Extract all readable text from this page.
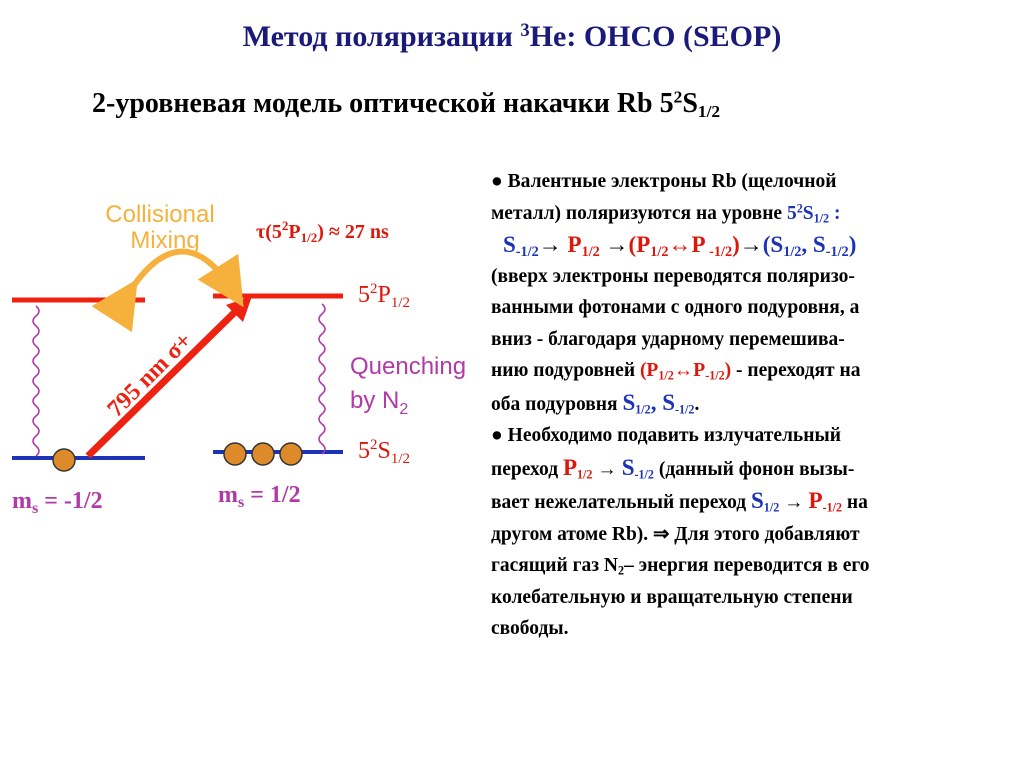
Метод поляризации $^3$He: ОНСО (SEOP)
2-уровневая модель оптической накачки Rb $5^2S_{1/2}$
Collisional
Mixing	$\tau(5^2P_{1/2}) \approx 27$ ns
$5^2P_{1/2}$
$5^2S_{1/2}$
Quenching
by $N_2$
795 nm σ+
$m_s = -1/2$	$m_s = 1/2$
● Валентные электроны Rb (щелочной
металл) поляризуются на уровне $5^2S_{1/2}$ :
$S_{-1/2}\to P_{1/2}$ $\to(P_{1/2}\leftrightarrow P$ $_{-1/2})\to(S_{1/2}$, $S_{-1/2}$)
(вверх электроны переводятся поляризо-
ванными фотонами с одного подуровня, а
вниз - благодаря ударному перемешива-
нию подуровней $(P_{1/2}\leftrightarrow P_{-1/2})$ - переходят на
оба подуровня $S_{1/2}$, $S_{-1/2}$.
● Необходимо подавить излучательный
переход $P_{1/2} \to S_{-1/2}$ (данный фонон вызы-
вает нежелательный переход $S_{1/2} \to P_{-1/2}$ на
другом атоме Rb). ⇒ Для этого добавляют
гасящий газ $N_2-$ энергия переводится в его
колебательную и вращательную степени
свободы.
